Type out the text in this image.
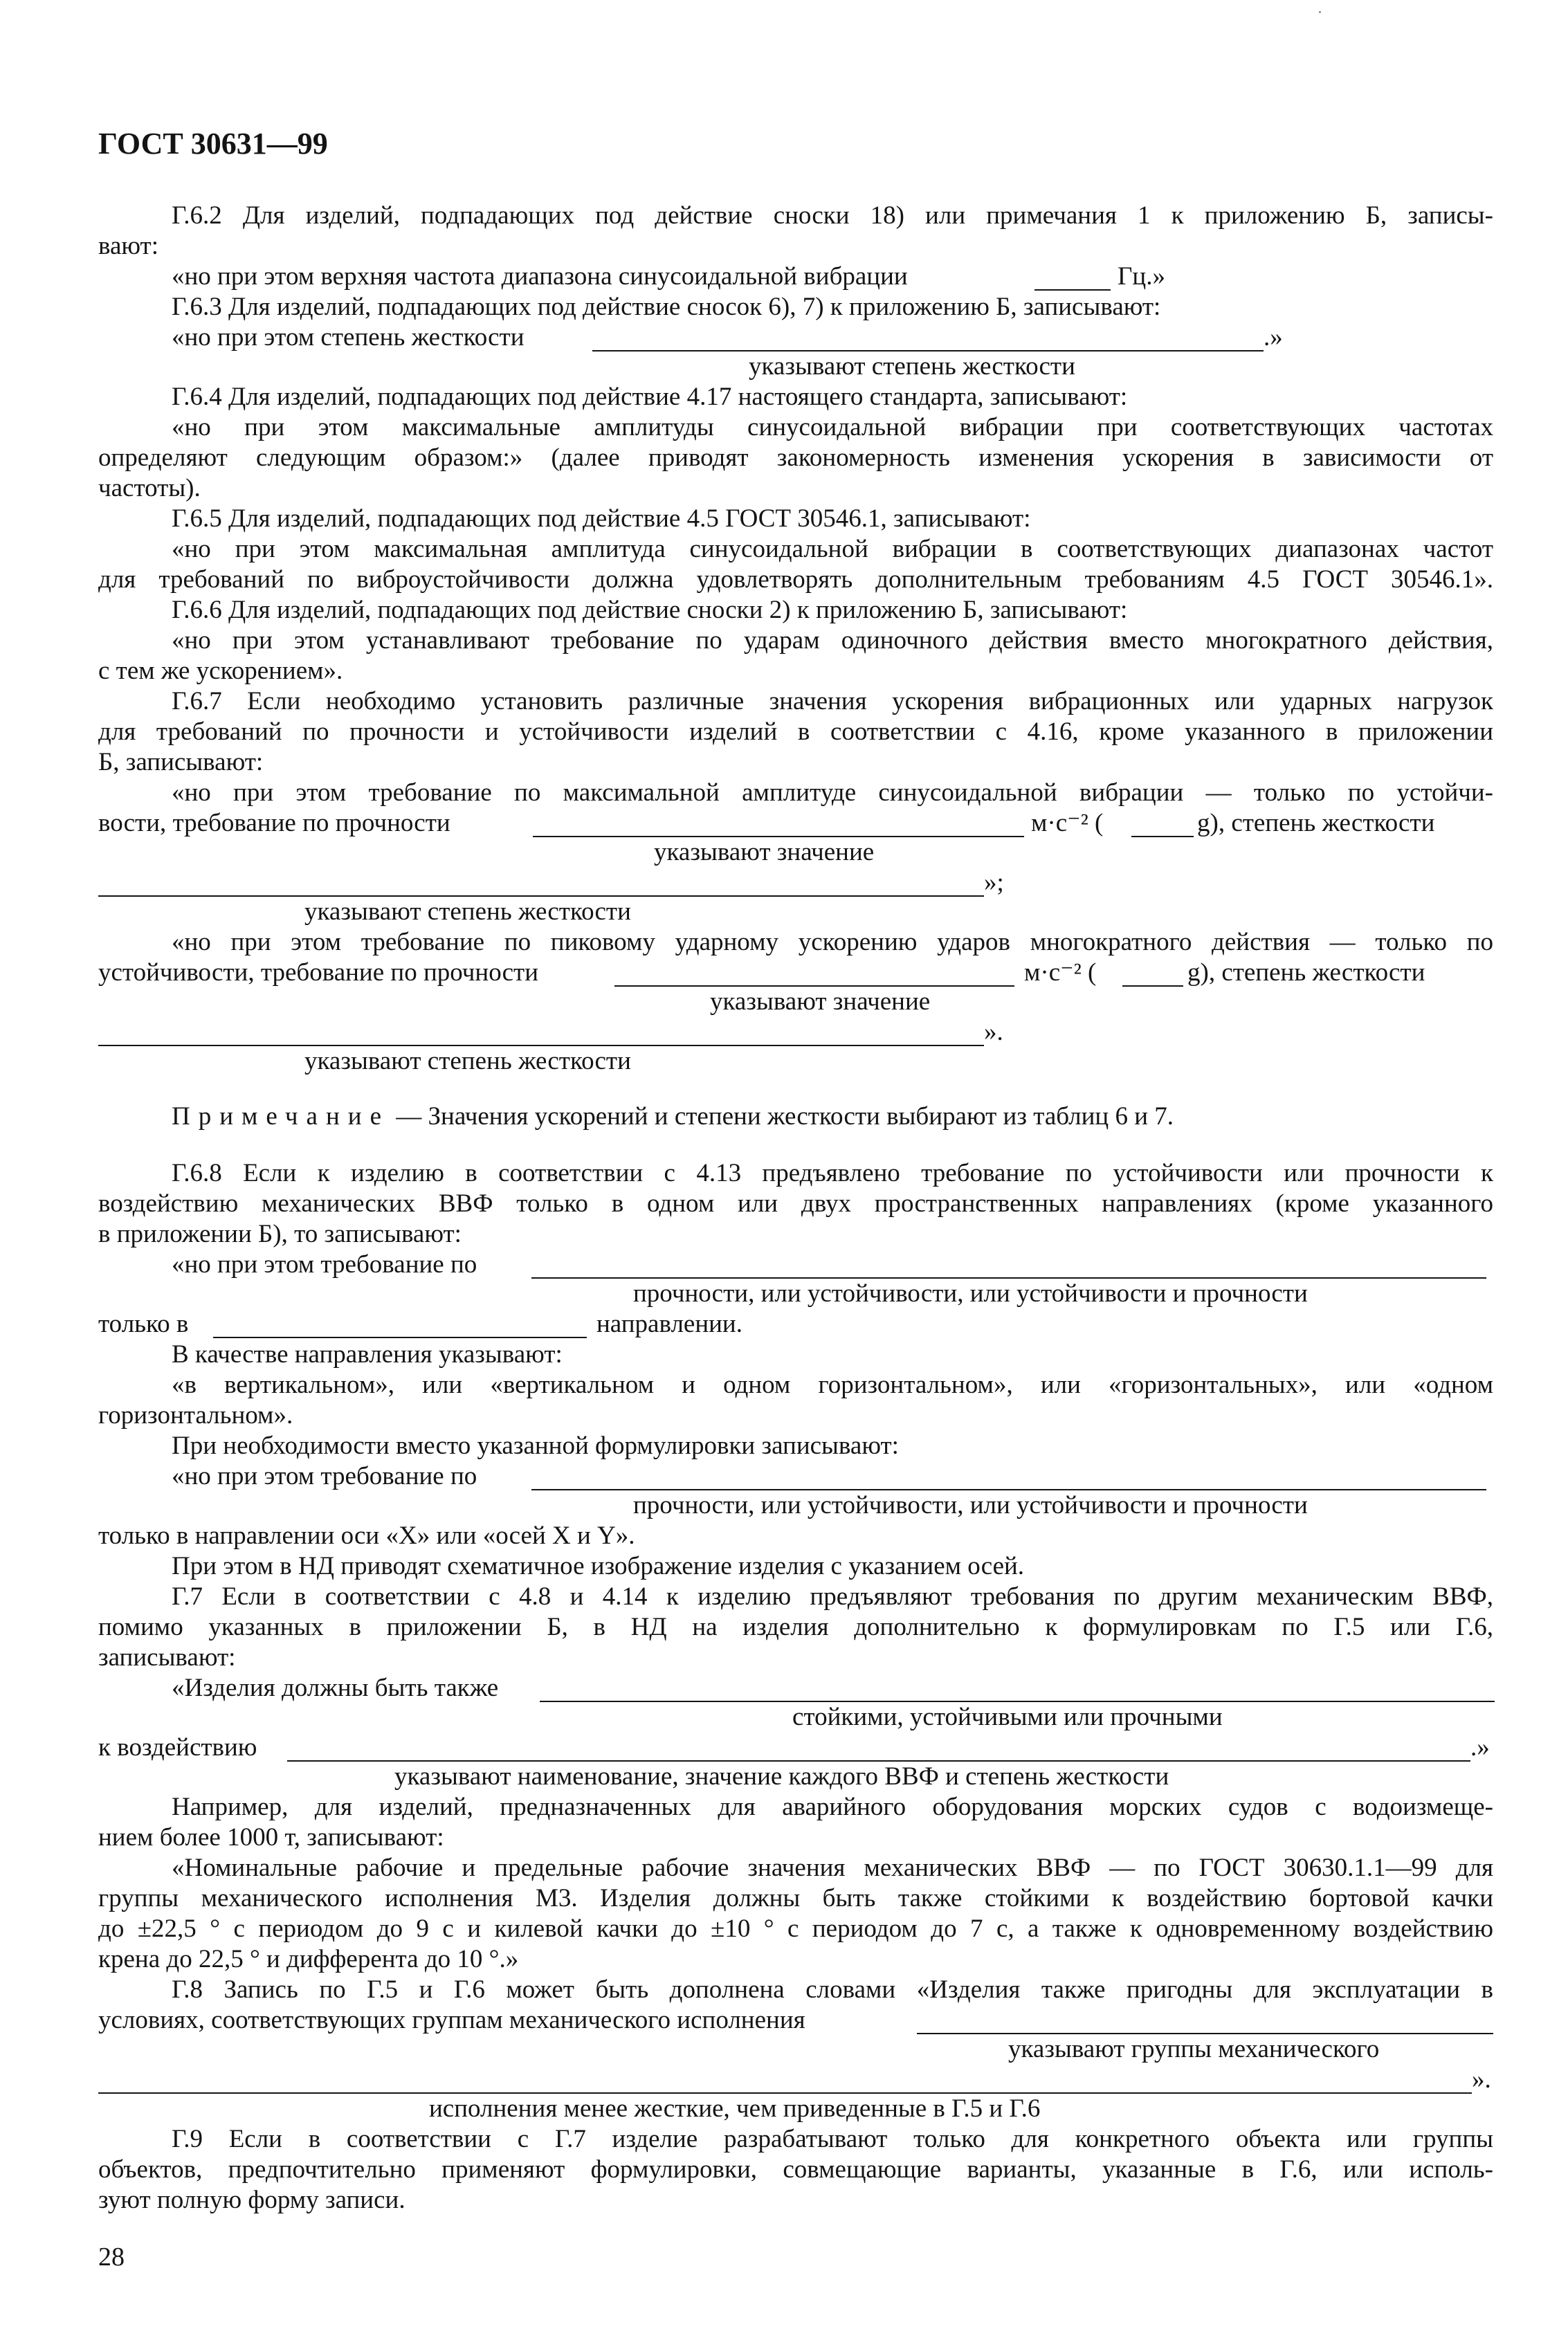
ГОСТ 30631—99
Г.6.2 Для изделий, подпадающих под действие сноски 18) или примечания 1 к приложению Б, записы-
вают:
«но при этом верхняя частота диапазона синусоидальной вибрации	Гц.»
Г.6.3 Для изделий, подпадающих под действие сносок 6), 7) к приложению Б, записывают:
«но при этом степень жесткости	.»
указывают степень жесткости
Г.6.4 Для изделий, подпадающих под действие 4.17 настоящего стандарта, записывают:
«но при этом максимальные амплитуды синусоидальной вибрации при соответствующих частотах
определяют следующим образом:» (далее приводят закономерность изменения ускорения в зависимости от
частоты).
Г.6.5 Для изделий, подпадающих под действие 4.5 ГОСТ 30546.1, записывают:
«но при этом максимальная амплитуда синусоидальной вибрации в соответствующих диапазонах частот
для требований по виброустойчивости должна удовлетворять дополнительным требованиям 4.5 ГОСТ 30546.1».
Г.6.6 Для изделий, подпадающих под действие сноски 2) к приложению Б, записывают:
«но при этом устанавливают требование по ударам одиночного действия вместо многократного действия,
с тем же ускорением».
Г.6.7 Если необходимо установить различные значения ускорения вибрационных или ударных нагрузок
для требований по прочности и устойчивости изделий в соответствии с 4.16, кроме указанного в приложении
Б, записывают:
«но при этом требование по максимальной амплитуде синусоидальной вибрации — только по устойчи-
вости, требование по прочности	м·с⁻² (	g), степень жесткости
указывают значение
»;
указывают степень жесткости
«но при этом требование по пиковому ударному ускорению ударов многократного действия — только по
устойчивости, требование по прочности	м·с⁻² (	g), степень жесткости
указывают значение
».
указывают степень жесткости
Примечание — Значения ускорений и степени жесткости выбирают из таблиц 6 и 7.
Г.6.8 Если к изделию в соответствии с 4.13 предъявлено требование по устойчивости или прочности к
воздействию механических ВВФ только в одном или двух пространственных направлениях (кроме указанного
в приложении Б), то записывают:
«но при этом требование по
прочности, или устойчивости, или устойчивости и прочности
только в	направлении.
В качестве направления указывают:
«в вертикальном», или «вертикальном и одном горизонтальном», или «горизонтальных», или «одном
горизонтальном».
При необходимости вместо указанной формулировки записывают:
«но при этом требование по
прочности, или устойчивости, или устойчивости и прочности
только в направлении оси «X» или «осей X и Y».
При этом в НД приводят схематичное изображение изделия с указанием осей.
Г.7 Если в соответствии с 4.8 и 4.14 к изделию предъявляют требования по другим механическим ВВФ,
помимо указанных в приложении Б, в НД на изделия дополнительно к формулировкам по Г.5 или Г.6,
записывают:
«Изделия должны быть также
стойкими, устойчивыми или прочными
к воздействию	.»
указывают наименование, значение каждого ВВФ и степень жесткости
Например, для изделий, предназначенных для аварийного оборудования морских судов с водоизмеще-
нием более 1000 т, записывают:
«Номинальные рабочие и предельные рабочие значения механических ВВФ — по ГОСТ 30630.1.1—99 для
группы механического исполнения М3. Изделия должны быть также стойкими к воздействию бортовой качки
до ±22,5 ° с периодом до 9 с и килевой качки до ±10 ° с периодом до 7 с, а также к одновременному воздействию
крена до 22,5 ° и дифферента до 10 °.»
Г.8 Запись по Г.5 и Г.6 может быть дополнена словами «Изделия также пригодны для эксплуатации в
условиях, соответствующих группам механического исполнения
указывают группы механического
».
исполнения менее жесткие, чем приведенные в Г.5 и Г.6
Г.9 Если в соответствии с Г.7 изделие разрабатывают только для конкретного объекта или группы
объектов, предпочтительно применяют формулировки, совмещающие варианты, указанные в Г.6, или исполь-
зуют полную форму записи.
28
